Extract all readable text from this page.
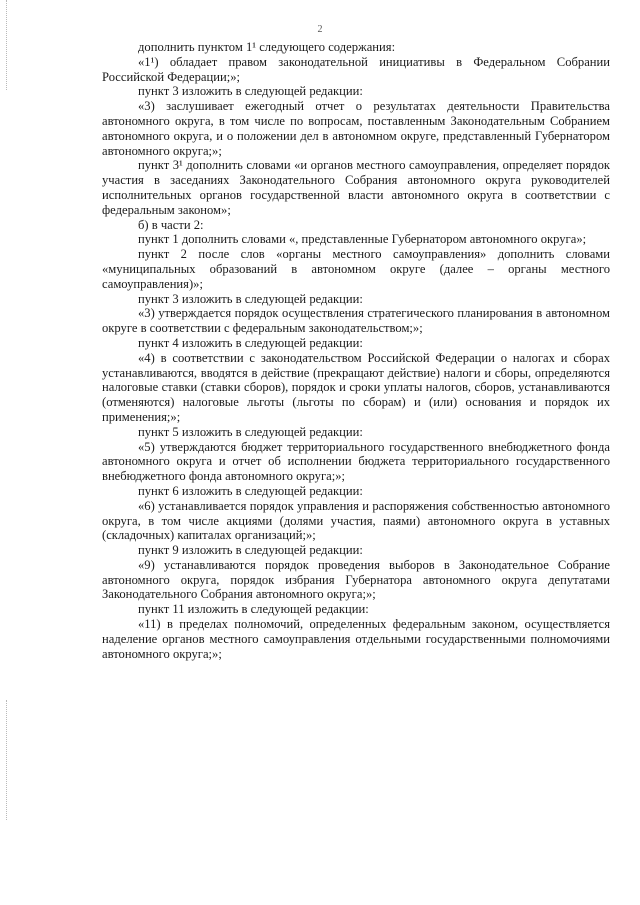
2

дополнить пунктом 1¹ следующего содержания:

«1¹) обладает правом законодательной инициативы в Федеральном Собрании Российской Федерации;»;

пункт 3 изложить в следующей редакции:

«3) заслушивает ежегодный отчет о результатах деятельности Правительства автономного округа, в том числе по вопросам, поставленным Законодательным Собранием автономного округа, и о положении дел в автономном округе, представленный Губернатором автономного округа;»;

пункт 3¹ дополнить словами «и органов местного самоуправления, определяет порядок участия в заседаниях Законодательного Собрания автономного округа руководителей исполнительных органов государственной власти автономного округа в соответствии с федеральным законом»;

б) в части 2:

пункт 1 дополнить словами «, представленные Губернатором автономного округа»;

пункт 2 после слов «органы местного самоуправления» дополнить словами «муниципальных образований в автономном округе (далее – органы местного самоуправления)»;

пункт 3 изложить в следующей редакции:

«3) утверждается порядок осуществления стратегического планирования в автономном округе в соответствии с федеральным законодательством;»;

пункт 4 изложить в следующей редакции:

«4) в соответствии с законодательством Российской Федерации о налогах и сборах устанавливаются, вводятся в действие (прекращают действие) налоги и сборы, определяются налоговые ставки (ставки сборов), порядок и сроки уплаты налогов, сборов, устанавливаются (отменяются) налоговые льготы (льготы по сборам) и (или) основания и порядок их применения;»;

пункт 5 изложить в следующей редакции:

«5) утверждаются бюджет территориального государственного внебюджетного фонда автономного округа и отчет об исполнении бюджета территориального государственного внебюджетного фонда автономного округа;»;

пункт 6 изложить в следующей редакции:

«6) устанавливается порядок управления и распоряжения собственностью автономного округа, в том числе акциями (долями участия, паями) автономного округа в уставных (складочных) капиталах организаций;»;

пункт 9 изложить в следующей редакции:

«9) устанавливаются порядок проведения выборов в Законодательное Собрание автономного округа, порядок избрания Губернатора автономного округа депутатами Законодательного Собрания автономного округа;»;

пункт 11 изложить в следующей редакции:

«11) в пределах полномочий, определенных федеральным законом, осуществляется наделение органов местного самоуправления отдельными государственными полномочиями автономного округа;»;
